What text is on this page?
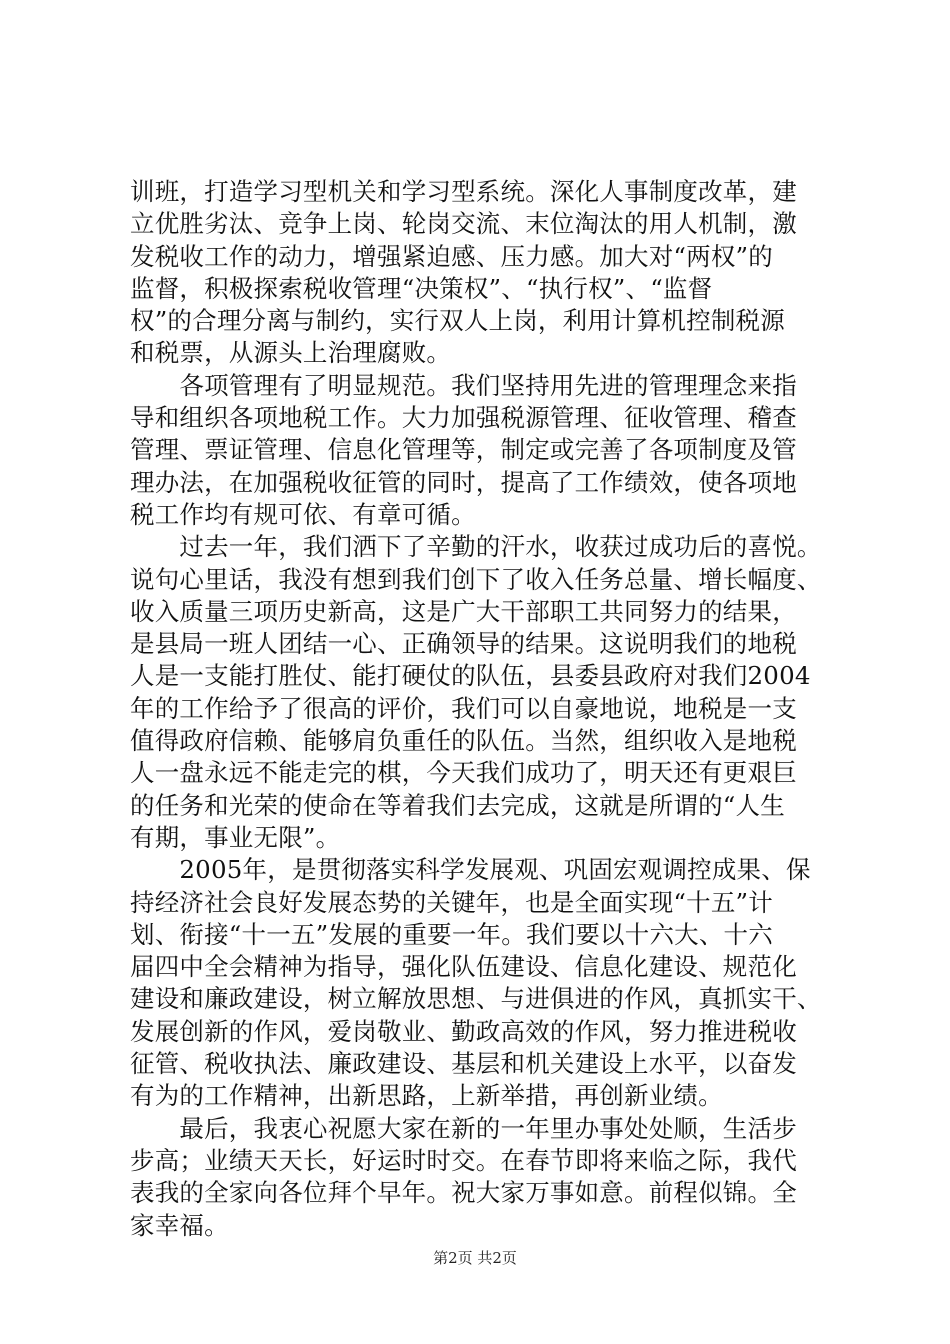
训班，打造学习型机关和学习型系统。深化人事制度改革，建
立优胜劣汰、竞争上岗、轮岗交流、末位淘汰的用人机制，激
发税收工作的动力，增强紧迫感、压力感。加大对“两权”的
监督，积极探索税收管理“决策权”、“执行权”、“监督
权”的合理分离与制约，实行双人上岗，利用计算机控制税源
和税票，从源头上治理腐败。
　　各项管理有了明显规范。我们坚持用先进的管理理念来指
导和组织各项地税工作。大力加强税源管理、征收管理、稽查
管理、票证管理、信息化管理等，制定或完善了各项制度及管
理办法，在加强税收征管的同时，提高了工作绩效，使各项地
税工作均有规可依、有章可循。
　　过去一年，我们洒下了辛勤的汗水，收获过成功后的喜悦。
说句心里话，我没有想到我们创下了收入任务总量、增长幅度、
收入质量三项历史新高，这是广大干部职工共同努力的结果，
是县局一班人团结一心、正确领导的结果。这说明我们的地税
人是一支能打胜仗、能打硬仗的队伍，县委县政府对我们2004
年的工作给予了很高的评价，我们可以自豪地说，地税是一支
值得政府信赖、能够肩负重任的队伍。当然，组织收入是地税
人一盘永远不能走完的棋，今天我们成功了，明天还有更艰巨
的任务和光荣的使命在等着我们去完成，这就是所谓的“人生
有期，事业无限”。
　　2005年，是贯彻落实科学发展观、巩固宏观调控成果、保
持经济社会良好发展态势的关键年，也是全面实现“十五”计
划、衔接“十一五”发展的重要一年。我们要以十六大、十六
届四中全会精神为指导，强化队伍建设、信息化建设、规范化
建设和廉政建设，树立解放思想、与进俱进的作风，真抓实干、
发展创新的作风，爱岗敬业、勤政高效的作风，努力推进税收
征管、税收执法、廉政建设、基层和机关建设上水平，以奋发
有为的工作精神，出新思路，上新举措，再创新业绩。
　　最后，我衷心祝愿大家在新的一年里办事处处顺，生活步
步高；业绩天天长，好运时时交。在春节即将来临之际，我代
表我的全家向各位拜个早年。祝大家万事如意。前程似锦。全
家幸福。
第2页 共2页
